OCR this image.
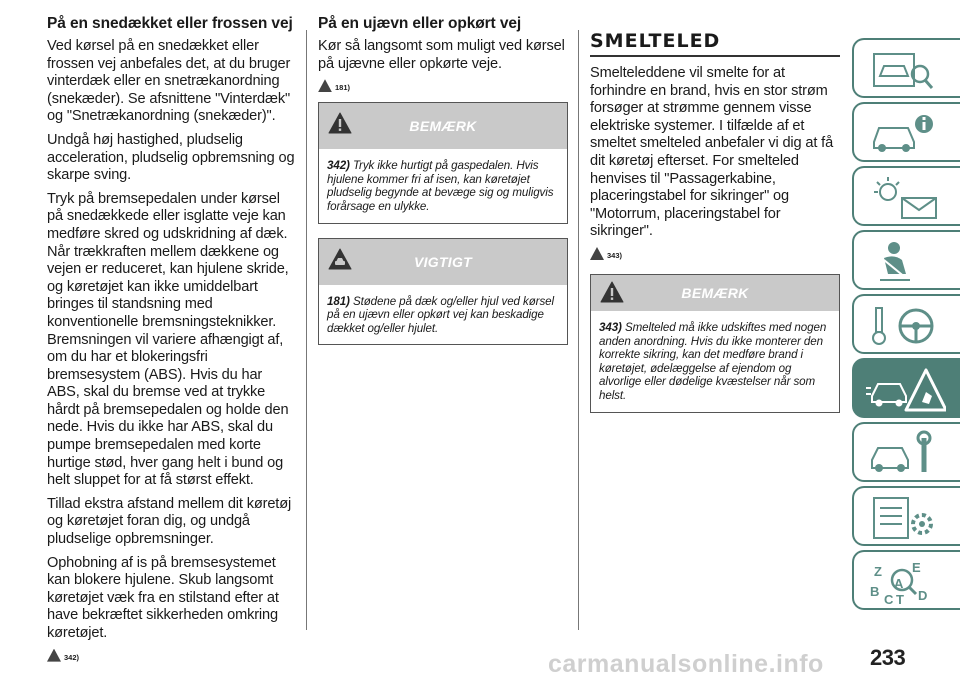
På en snedækket eller frossen vej

Ved kørsel på en snedækket eller frossen vej anbefales det, at du bruger vinterdæk eller en snetrækanordning (snekæder). Se afsnittene "Vinterdæk" og "Snetrækanordning (snekæder)".

Undgå høj hastighed, pludselig acceleration, pludselig opbremsning og skarpe sving.

Tryk på bremsepedalen under kørsel på snedækkede eller isglatte veje kan medføre skred og udskridning af dæk. Når trækkraften mellem dækkene og vejen er reduceret, kan hjulene skride, og køretøjet kan ikke umiddelbart bringes til standsning med konventionelle bremsningsteknikker. Bremsningen vil variere afhængigt af, om du har et blokeringsfri bremsesystem (ABS). Hvis du har ABS, skal du bremse ved at trykke hårdt på bremsepedalen og holde den nede. Hvis du ikke har ABS, skal du pumpe bremsepedalen med korte hurtige stød, hver gang helt i bund og helt sluppet for at få størst effekt.

Tillad ekstra afstand mellem dit køretøj og køretøjet foran dig, og undgå pludselige opbremsninger.

Ophobning af is på bremsesystemet kan blokere hjulene. Skub langsomt køretøjet væk fra en stilstand efter at have bekræftet sikkerheden omkring køretøjet.

342)
På en ujævn eller opkørt vej

Kør så langsomt som muligt ved kørsel på ujævne eller opkørte veje.

181)
BEMÆRK
342) Tryk ikke hurtigt på gaspedalen. Hvis hjulene kommer fri af isen, kan køretøjet pludselig begynde at bevæge sig og muligvis forårsage en ulykke.
VIGTIGT
181) Stødene på dæk og/eller hjul ved kørsel på en ujævn eller opkørt vej kan beskadige dækket og/eller hjulet.
SMELTELED

Smelteleddene vil smelte for at forhindre en brand, hvis en stor strøm forsøger at strømme gennem visse elektriske systemer. I tilfælde af et smeltet smelteled anbefaler vi dig at få dit køretøj efterset. For smelteled henvises til "Passagerkabine, placeringstabel for sikringer" og "Motorrum, placeringstabel for sikringer".

343)
BEMÆRK
343) Smelteled må ikke udskiftes med nogen anden anordning. Hvis du ikke monterer den korrekte sikring, kan det medføre brand i køretøjet, ødelæggelse af ejendom og alvorlige eller dødelige kvæstelser når som helst.
Z E
A
B
C T D
carmanualsonline.info 233
